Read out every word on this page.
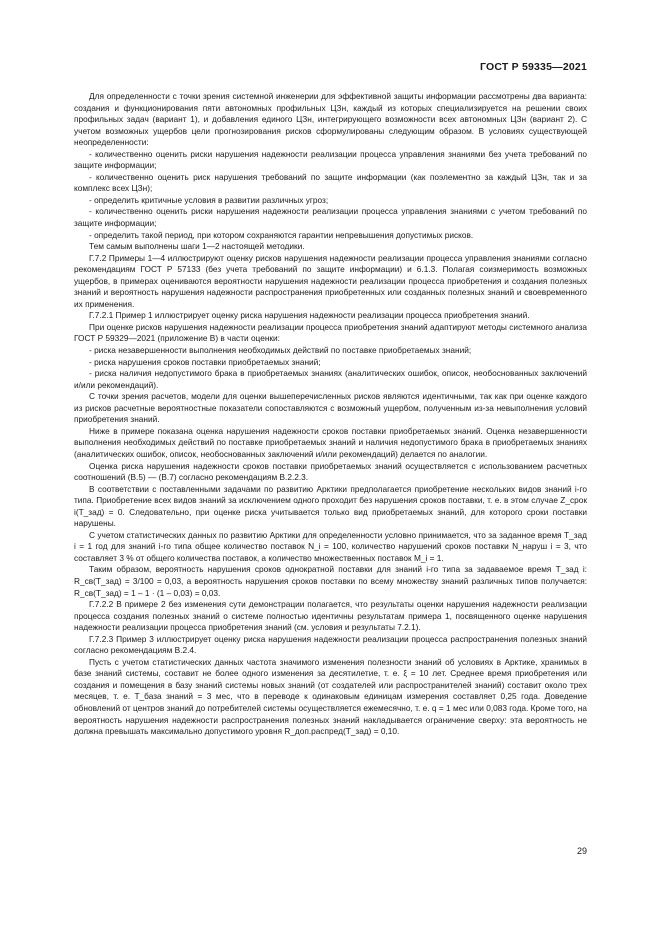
ГОСТ Р 59335—2021

Для определенности с точки зрения системной инженерии для эффективной защиты информации рассмотрены два варианта: создания и функционирования пяти автономных профильных ЦЗн, каждый из которых специализируется на решении своих профильных задач (вариант 1), и добавления единого ЦЗн, интегрирующего возможности всех автономных ЦЗн (вариант 2). С учетом возможных ущербов цели прогнозирования рисков сформулированы следующим образом. В условиях существующей неопределенности:

- количественно оценить риски нарушения надежности реализации процесса управления знаниями без учета требований по защите информации;

- количественно оценить риск нарушения требований по защите информации (как поэлементно за каждый ЦЗн, так и за комплекс всех ЦЗн);

- определить критичные условия в развитии различных угроз;

- количественно оценить риски нарушения надежности реализации процесса управления знаниями с учетом требований по защите информации;

- определить такой период, при котором сохраняются гарантии непревышения допустимых рисков.

Тем самым выполнены шаги 1—2 настоящей методики.

Г.7.2 Примеры 1—4 иллюстрируют оценку рисков нарушения надежности реализации процесса управления знаниями согласно рекомендациям ГОСТ Р 57133 (без учета требований по защите информации) и 6.1.3. Полагая соизмеримость возможных ущербов, в примерах оцениваются вероятности нарушения надежности реализации процесса приобретения и создания полезных знаний и вероятность нарушения надежности распространения приобретенных или созданных полезных знаний и своевременного их применения.

Г.7.2.1 Пример 1 иллюстрирует оценку риска нарушения надежности реализации процесса приобретения знаний.

При оценке рисков нарушения надежности реализации процесса приобретения знаний адаптируют методы системного анализа ГОСТ Р 59329—2021 (приложение В) в части оценки:

- риска незавершенности выполнения необходимых действий по поставке приобретаемых знаний;

- риска нарушения сроков поставки приобретаемых знаний;

- риска наличия недопустимого брака в приобретаемых знаниях (аналитических ошибок, описок, необоснованных заключений и/или рекомендаций).

С точки зрения расчетов, модели для оценки вышеперечисленных рисков являются идентичными, так как при оценке каждого из рисков расчетные вероятностные показатели сопоставляются с возможный ущербом, полученным из-за невыполнения условий приобретения знаний.

Ниже в примере показана оценка нарушения надежности сроков поставки приобретаемых знаний. Оценка незавершенности выполнения необходимых действий по поставке приобретаемых знаний и наличия недопустимого брака в приобретаемых знаниях (аналитических ошибок, описок, необоснованных заключений и/или рекомендаций) делается по аналогии.

Оценка риска нарушения надежности сроков поставки приобретаемых знаний осуществляется с использованием расчетных соотношений (В.5) — (В.7) согласно рекомендациям В.2.2.3.

В соответствии с поставленными задачами по развитию Арктики предполагается приобретение нескольких видов знаний i-го типа. Приобретение всех видов знаний за исключением одного проходит без нарушения сроков поставки, т. е. в этом случае Z_срок i(T_зад) = 0. Следовательно, при оценке риска учитывается только вид приобретаемых знаний, для которого сроки поставки нарушены.

С учетом статистических данных по развитию Арктики для определенности условно принимается, что за заданное время T_зад i = 1 год для знаний i-го типа общее количество поставок N_i = 100, количество нарушений сроков поставки N_наруш i = 3, что составляет 3 % от общего количества поставок, а количество множественных поставок M_i = 1.

Таким образом, вероятность нарушения сроков однократной поставки для знаний i-го типа за задаваемое время T_зад i: R_св(T_зад) = 3/100 = 0,03, а вероятность нарушения сроков поставки по всему множеству знаний различных типов получается: R_св(T_зад) = 1 – 1 · (1 – 0,03) = 0,03.

Г.7.2.2 В примере 2 без изменения сути демонстрации полагается, что результаты оценки нарушения надежности реализации процесса создания полезных знаний о системе полностью идентичны результатам примера 1, посвященного оценке нарушения надежности реализации процесса приобретения знаний (см. условия и результаты 7.2.1).

Г.7.2.3 Пример 3 иллюстрирует оценку риска нарушения надежности реализации процесса распространения полезных знаний согласно рекомендациям В.2.4.

Пусть с учетом статистических данных частота значимого изменения полезности знаний об условиях в Арктике, хранимых в базе знаний системы, составит не более одного изменения за десятилетие, т. е. ξ = 10 лет. Среднее время приобретения или создания и помещения в базу знаний системы новых знаний (от создателей или распространителей знаний) составит около трех месяцев, т. е. T_база знаний = 3 мес, что в переводе к одинаковым единицам измерения составляет 0,25 года. Доведение обновлений от центров знаний до потребителей системы осуществляется ежемесячно, т. е. q = 1 мес или 0,083 года. Кроме того, на вероятность нарушения надежности распространения полезных знаний накладывается ограничение сверху: эта вероятность не должна превышать максимально допустимого уровня R_доп.распред(T_зад) = 0,10.

29
